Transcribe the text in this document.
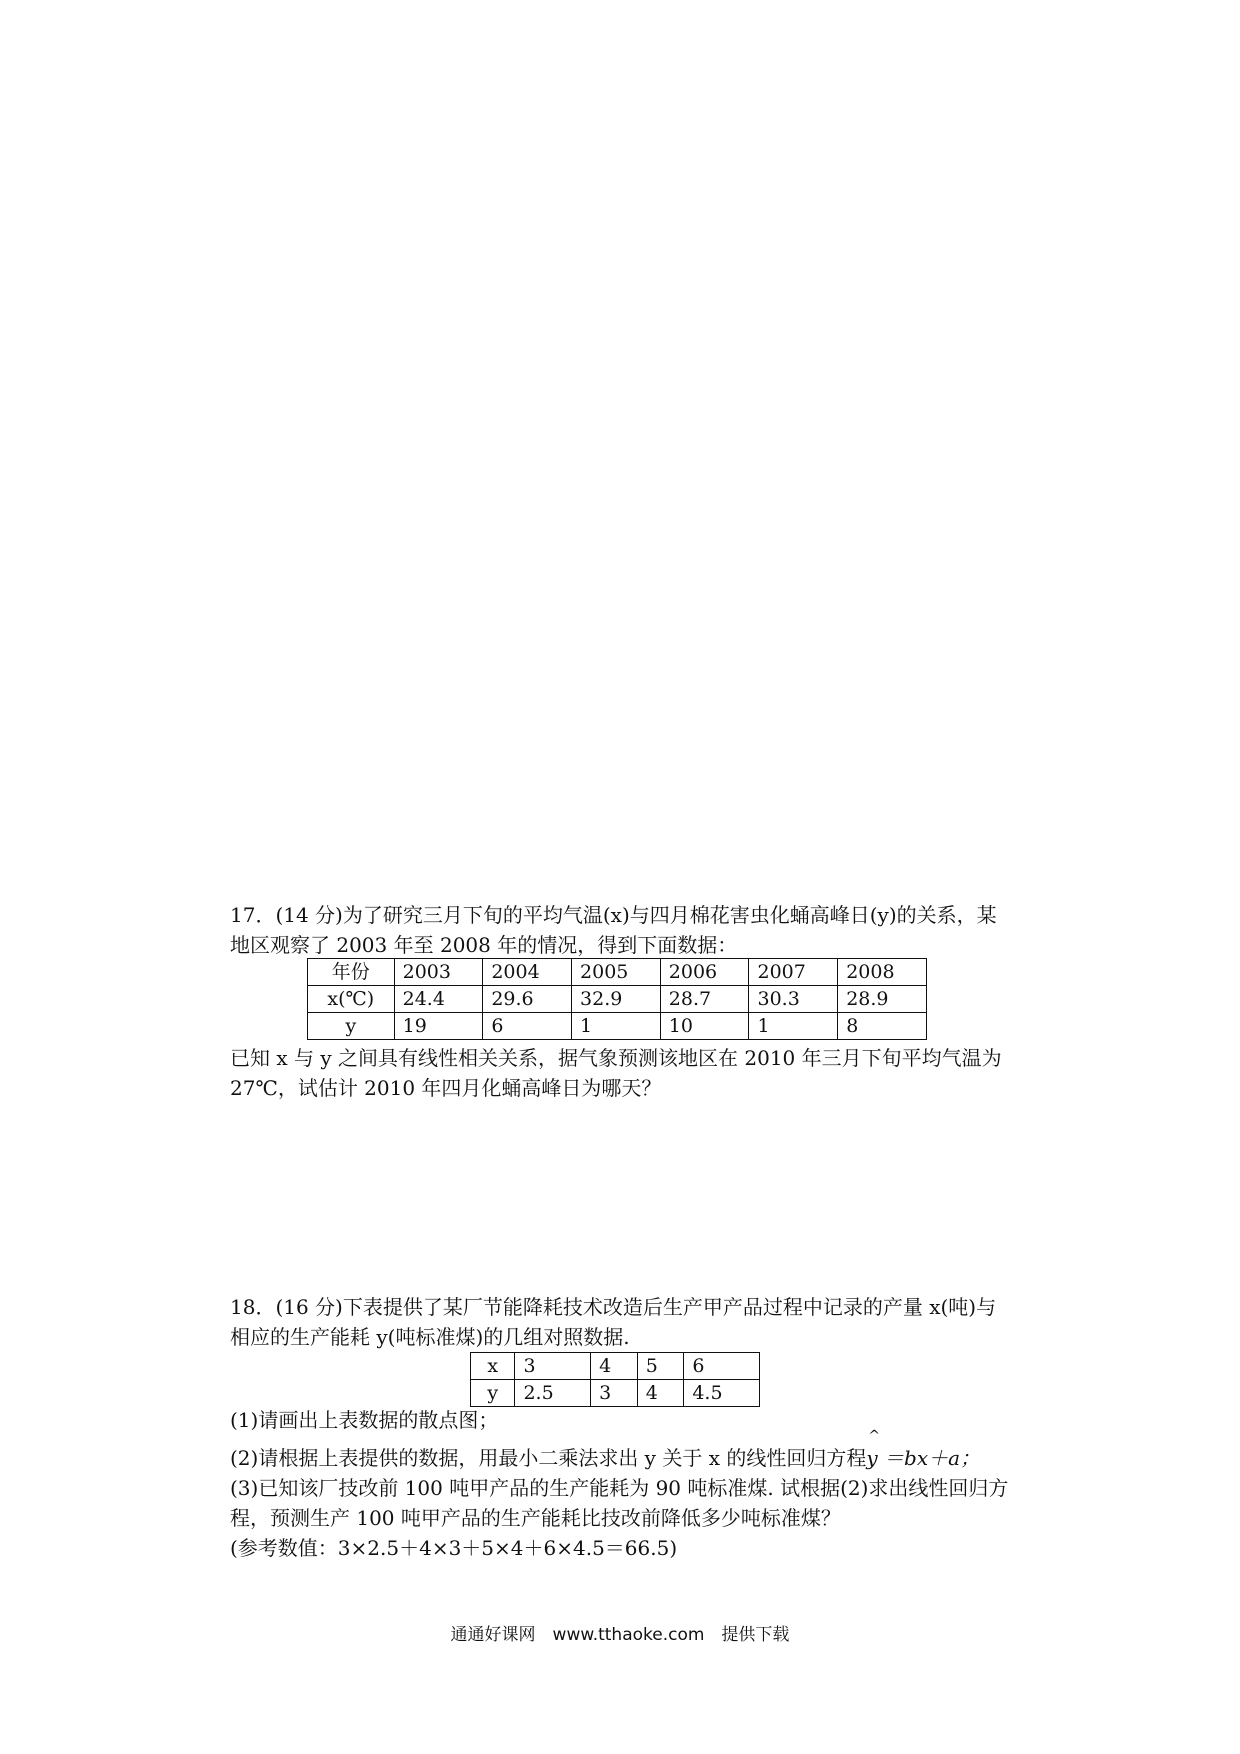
17．(14 分)为了研究三月下旬的平均气温(x)与四月棉花害虫化蛹高峰日(y)的关系，某
地区观察了 2003 年至 2008 年的情况，得到下面数据：
年份	2003	2004	2005	2006	2007	2008
x(℃)	24.4	29.6	32.9	28.7	30.3	28.9
y	19	6	1	10	1	8
已知 x 与 y 之间具有线性相关关系，据气象预测该地区在 2010 年三月下旬平均气温为
27℃，试估计 2010 年四月化蛹高峰日为哪天？
18．(16 分)下表提供了某厂节能降耗技术改造后生产甲产品过程中记录的产量 x(吨)与
相应的生产能耗 y(吨标准煤)的几组对照数据.
x	3	4	5	6
y	2.5	3	4	4.5
(1)请画出上表数据的散点图；
(2)请根据上表提供的数据，用最小二乘法求出 y 关于 x 的线性回归方程
^
y ＝bx＋a；
(3)已知该厂技改前 100 吨甲产品的生产能耗为 90 吨标准煤. 试根据(2)求出线性回归方
程，预测生产 100 吨甲产品的生产能耗比技改前降低多少吨标准煤？
(参考数值：3×2.5＋4×3＋5×4＋6×4.5＝66.5)
通通好课网　www.tthaoke.com　提供下载
